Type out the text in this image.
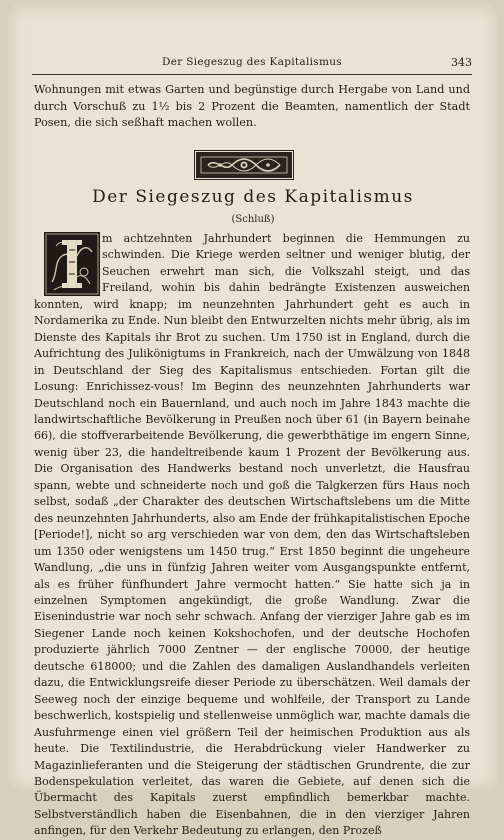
Der Siegeszug des Kapitalismus	343

Wohnungen mit etwas Garten und begünstige durch Hergabe von Land und durch Vorschuß zu 1½ bis 2 Prozent die Beamten, namentlich der Stadt Posen, die sich seßhaft machen wollen.

Der Siegeszug des Kapitalismus
(Schluß)

m achtzehnten Jahrhundert beginnen die Hemmungen zu schwinden. Die Kriege werden seltner und weniger blutig, der Seuchen erwehrt man sich, die Volkszahl steigt, und das Freiland, wohin bis dahin bedrängte Existenzen ausweichen konnten, wird knapp; im neunzehnten Jahrhundert geht es auch in Nordamerika zu Ende. Nun bleibt den Entwurzelten nichts mehr übrig, als im Dienste des Kapitals ihr Brot zu suchen. Um 1750 ist in England, durch die Aufrichtung des Julikönigtums in Frankreich, nach der Umwälzung von 1848 in Deutschland der Sieg des Kapitalismus entschieden. Fortan gilt die Losung: Enrichissez-vous! Im Beginn des neunzehnten Jahrhunderts war Deutschland noch ein Bauernland, und auch noch im Jahre 1843 machte die landwirtschaftliche Bevölkerung in Preußen noch über 61 (in Bayern beinahe 66), die stoffverarbeitende Bevölkerung, die gewerbthätige im engern Sinne, wenig über 23, die handeltreibende kaum 1 Prozent der Bevölkerung aus. Die Organisation des Handwerks bestand noch unverletzt, die Hausfrau spann, webte und schneiderte noch und goß die Talgkerzen fürs Haus noch selbst, sodaß „der Charakter des deutschen Wirtschaftslebens um die Mitte des neunzehnten Jahrhunderts, also am Ende der frühkapitalistischen Epoche [Periode!], nicht so arg verschieden war von dem, den das Wirtschaftsleben um 1350 oder wenigstens um 1450 trug.“ Erst 1850 beginnt die ungeheure Wandlung, „die uns in fünfzig Jahren weiter vom Ausgangspunkte entfernt, als es früher fünfhundert Jahre vermocht hatten.“ Sie hatte sich ja in einzelnen Symptomen angekündigt, die große Wandlung. Zwar die Eisenindustrie war noch sehr schwach. Anfang der vierziger Jahre gab es im Siegener Lande noch keinen Kokshochofen, und der deutsche Hochofen produzierte jährlich 7000 Zentner — der englische 70000, der heutige deutsche 618000; und die Zahlen des damaligen Auslandhandels verleiten dazu, die Entwicklungsreife dieser Periode zu überschätzen. Weil damals der Seeweg noch der einzige bequeme und wohlfeile, der Transport zu Lande beschwerlich, kostspielig und stellenweise unmöglich war, machte damals die Ausfuhrmenge einen viel größern Teil der heimischen Produktion aus als heute. Die Textilindustrie, die Herabdrückung vieler Handwerker zu Magazinlieferanten und die Steigerung der städtischen Grundrente, die zur Bodenspekulation verleitet, das waren die Gebiete, auf denen sich die Übermacht des Kapitals zuerst empfindlich bemerkbar machte. Selbstverständlich haben die Eisenbahnen, die in den vierziger Jahren anfingen, für den Verkehr Bedeutung zu erlangen, den Prozeß
